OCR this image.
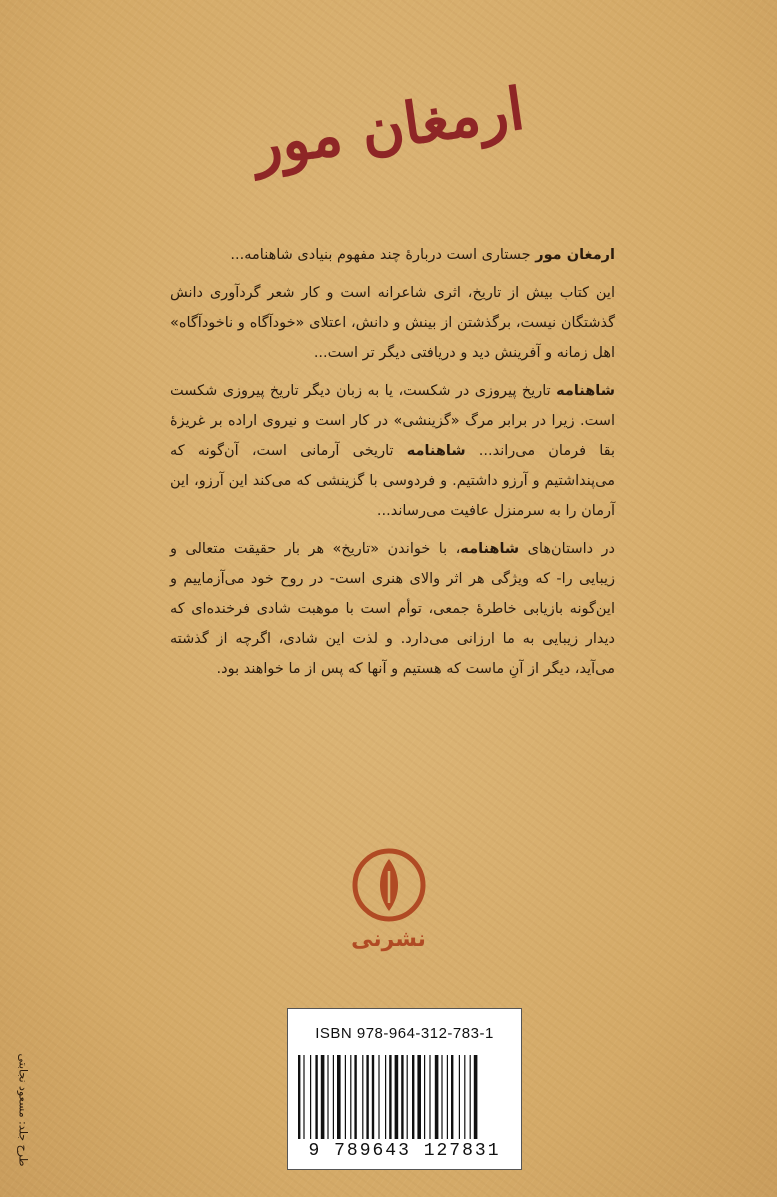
ارمغان مور

ارمغان مور جستاری است دربارهٔ چند مفهوم بنیادی شاهنامه...

این کتاب بیش از تاریخ، اثری شاعرانه است و کار شعر گردآوری دانش گذشتگان نیست، برگذشتن از بینش و دانش، اعتلای «خودآگاه و ناخودآگاه» اهل زمانه و آفرینش دید و دریافتی دیگر تر است...

شاهنامه تاریخ پیروزی در شکست، یا به زبان دیگر تاریخ پیروزی شکست است. زیرا در برابر مرگ «گزینشی» در کار است و نیروی اراده بر غریزهٔ بقا فرمان می‌راند... شاهنامه تاریخی آرمانی است، آن‌گونه که می‌پنداشتیم و آرزو داشتیم. و فردوسی با گزینشی که می‌کند این آرزو، این آرمان را به سرمنزل عافیت می‌رساند...

در داستان‌های شاهنامه، با خواندن «تاریخ» هر بار حقیقت متعالی و زیبایی را- که ویژگی هر اثر والای هنری است- در روح خود می‌آزماییم و این‌گونه بازیابی خاطرهٔ جمعی، توأم است با موهبت شادی فرخنده‌ای که دیدار زیبایی به ما ارزانی می‌دارد. و لذت این شادی، اگرچه از گذشته می‌آید، دیگر از آنِ ماست که هستیم و آنها که پس از ما خواهند بود.

نشرنی
ISBN 978-964-312-783-1
9 789643 127831
طرح جلد: مسعود نجابتی
